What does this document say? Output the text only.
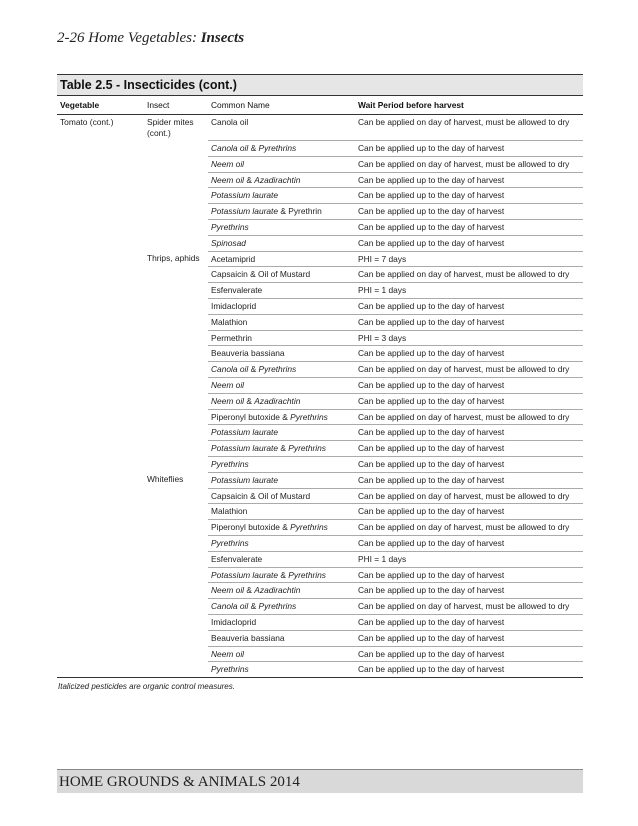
2-26 Home Vegetables: Insects
Table 2.5 - Insecticides (cont.)
Vegetable	Insect	Common Name	Wait Period before harvest
Tomato (cont.)	Spider mites (cont.)	Canola oil	Can be applied on day of harvest, must be allowed to dry
		Canola oil & Pyrethrins	Can be applied up to the day of harvest
		Neem oil	Can be applied on day of harvest, must be allowed to dry
		Neem oil & Azadirachtin	Can be applied up to the day of harvest
		Potassium laurate	Can be applied up to the day of harvest
		Potassium laurate & Pyrethrin	Can be applied up to the day of harvest
		Pyrethrins	Can be applied up to the day of harvest
		Spinosad	Can be applied up to the day of harvest
	Thrips, aphids	Acetamiprid	PHI = 7 days
		Capsaicin & Oil of Mustard	Can be applied on day of harvest, must be allowed to dry
		Esfenvalerate	PHI = 1 days
		Imidacloprid	Can be applied up to the day of harvest
		Malathion	Can be applied up to the day of harvest
		Permethrin	PHI = 3 days
		Beauveria bassiana	Can be applied up to the day of harvest
		Canola oil & Pyrethrins	Can be applied on day of harvest, must be allowed to dry
		Neem oil	Can be applied up to the day of harvest
		Neem oil & Azadirachtin	Can be applied up to the day of harvest
		Piperonyl butoxide & Pyrethrins	Can be applied on day of harvest, must be allowed to dry
		Potassium laurate	Can be applied up to the day of harvest
		Potassium laurate & Pyrethrins	Can be applied up to the day of harvest
		Pyrethrins	Can be applied up to the day of harvest
	Whiteflies	Potassium laurate	Can be applied up to the day of harvest
		Capsaicin & Oil of Mustard	Can be applied on day of harvest, must be allowed to dry
		Malathion	Can be applied up to the day of harvest
		Piperonyl butoxide & Pyrethrins	Can be applied on day of harvest, must be allowed to dry
		Pyrethrins	Can be applied up to the day of harvest
		Esfenvalerate	PHI = 1 days
		Potassium laurate & Pyrethrins	Can be applied up to the day of harvest
		Neem oil & Azadirachtin	Can be applied up to the day of harvest
		Canola oil & Pyrethrins	Can be applied on day of harvest, must be allowed to dry
		Imidacloprid	Can be applied up to the day of harvest
		Beauveria bassiana	Can be applied up to the day of harvest
		Neem oil	Can be applied up to the day of harvest
		Pyrethrins	Can be applied up to the day of harvest
Italicized pesticides are organic control measures.
HOME GROUNDS & ANIMALS 2014
